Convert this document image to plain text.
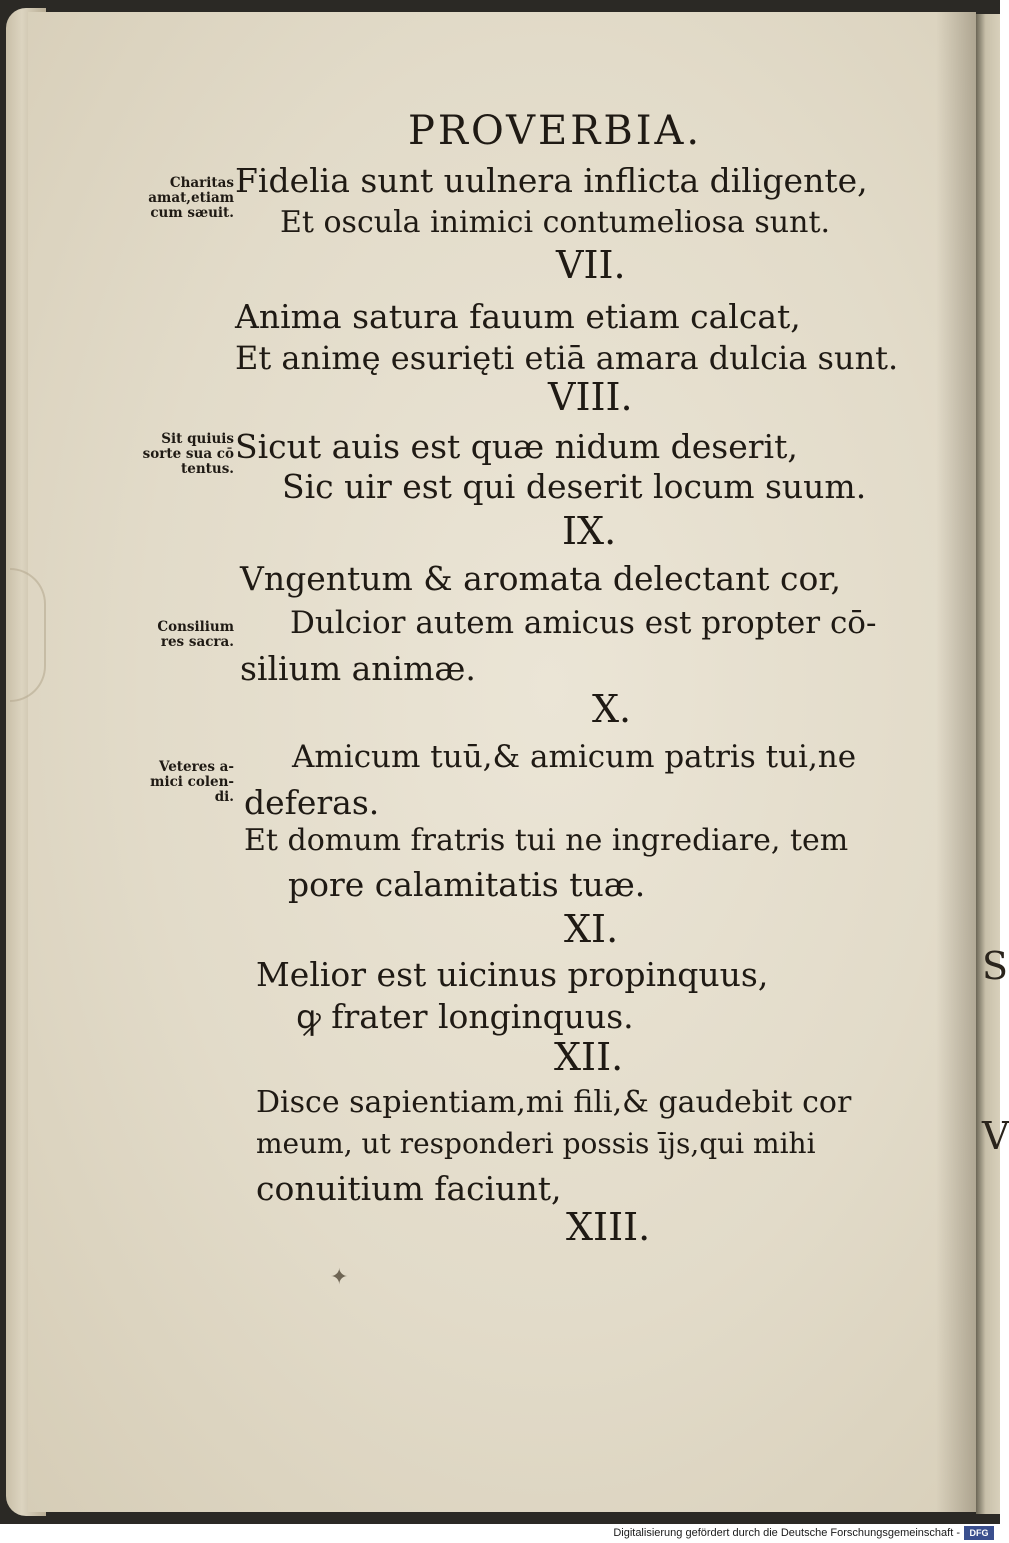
S
V
PROVERBIA.
Charitas
amat,etiam
cum sæuit.
Sit quiuis
sorte sua cō
tentus.
Consilium
res sacra.
Veteres a-
mici colen-
di.
Fidelia sunt uulnera inflicta diligente,
Et oscula inimici contumeliosa sunt.
VII.
Anima satura fauum etiam calcat,
Et animę esurięti etiā amara dulcia sunt.
VIII.
Sicut auis est quæ nidum deserit,
Sic uir est qui deserit locum suum.
IX.
Vngentum & aromata delectant cor,
Dulcior autem amicus est propter cō-
silium animæ.
X.
Amicum tuū,& amicum patris tui,ne
deferas.
Et domum fratris tui ne ingrediare, tem
pore calamitatis tuæ.
XI.
Melior est uicinus propinquus,
ꝙ frater longinquus.
XII.
Disce sapientiam,mi fili,& gaudebit cor
meum, ut responderi possis ījs,qui mihi
conuitium faciunt,
XIII.
✦
Digitalisierung gefördert durch die Deutsche Forschungsgemeinschaft -	DFG
